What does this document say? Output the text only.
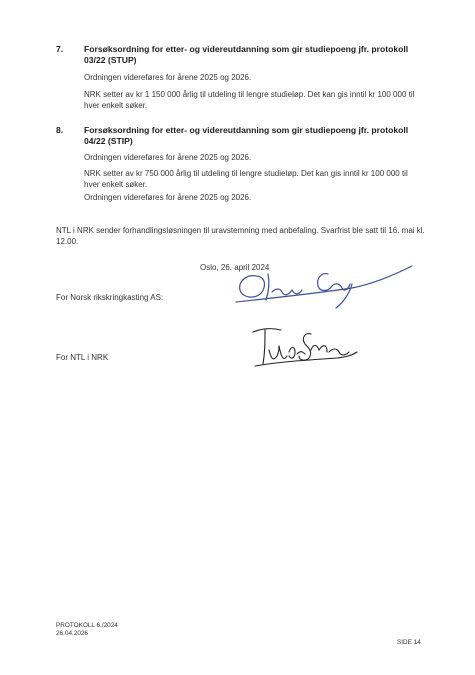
7. Forsøksordning for etter- og videreutdanning som gir studiepoeng jfr. protokoll 03/22 (STUP)
Ordningen videreføres for årene 2025 og 2026.
NRK setter av kr 1 150 000 årlig til utdeling til lengre studieløp. Det kan gis inntil kr 100 000 til hver enkelt søker.
8. Forsøksordning for etter- og videreutdanning som gir studiepoeng jfr. protokoll 04/22 (STIP)
Ordningen videreføres for årene 2025 og 2026.
NRK setter av kr 750 000 årlig til utdeling til lengre studieløp. Det kan gis inntil kr 100 000 til hver enkelt søker.
Ordningen videreføres for årene 2025 og 2026.
NTL i NRK sender forhandlingsløsningen til uravstemning med anbefaling. Svarfrist ble satt til 16. mai kl. 12.00.
Oslo, 26. april 2024
For Norsk rikskringkasting AS:
For NTL i NRK
PROTOKOLL 6./2024
26.04.2026
SIDE 14
